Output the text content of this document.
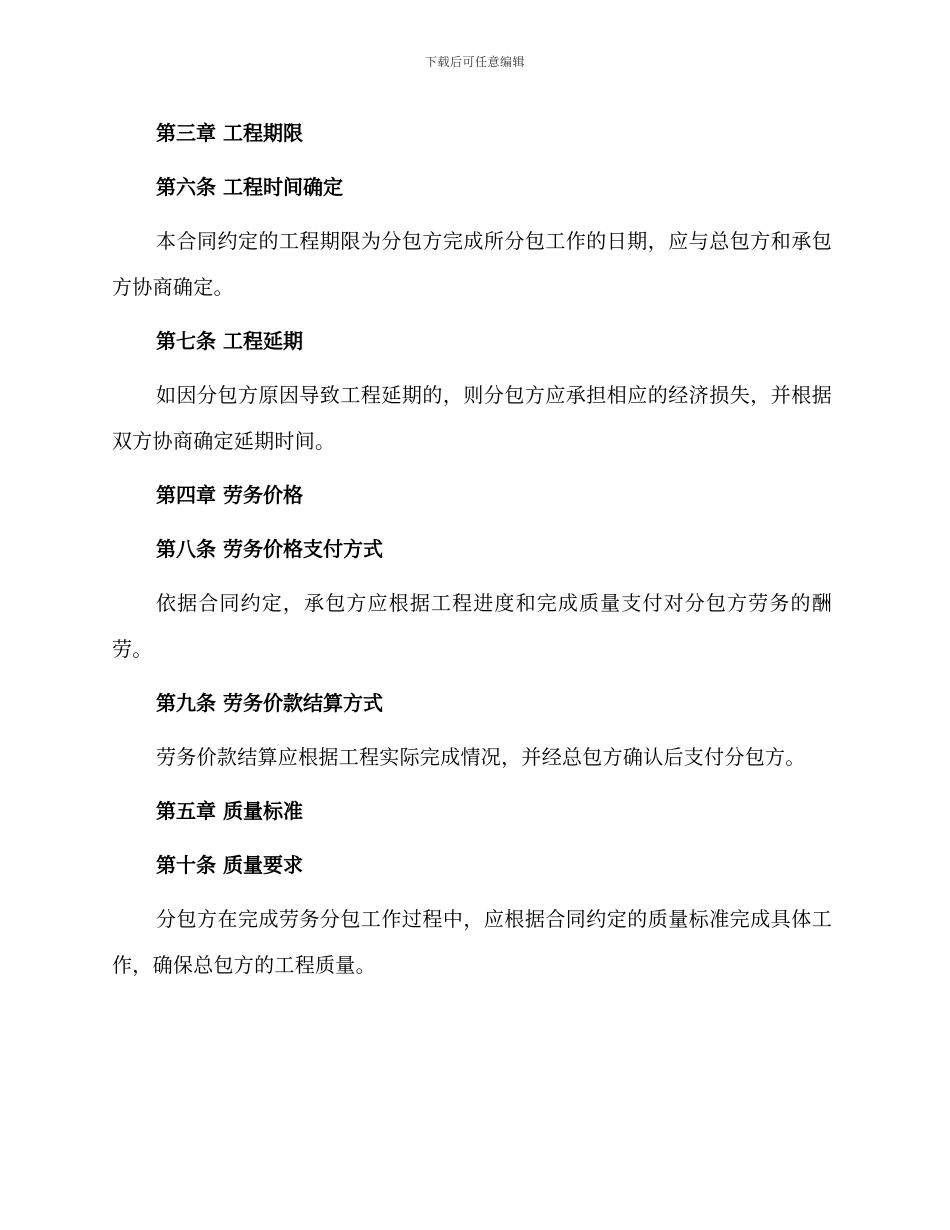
下载后可任意编辑

第三章 工程期限

第六条 工程时间确定

本合同约定的工程期限为分包方完成所分包工作的日期，应与总包方和承包方协商确定。

第七条 工程延期

如因分包方原因导致工程延期的，则分包方应承担相应的经济损失，并根据双方协商确定延期时间。

第四章 劳务价格

第八条 劳务价格支付方式

依据合同约定，承包方应根据工程进度和完成质量支付对分包方劳务的酬劳。

第九条 劳务价款结算方式

劳务价款结算应根据工程实际完成情况，并经总包方确认后支付分包方。

第五章 质量标准

第十条 质量要求

分包方在完成劳务分包工作过程中，应根据合同约定的质量标准完成具体工作，确保总包方的工程质量。
